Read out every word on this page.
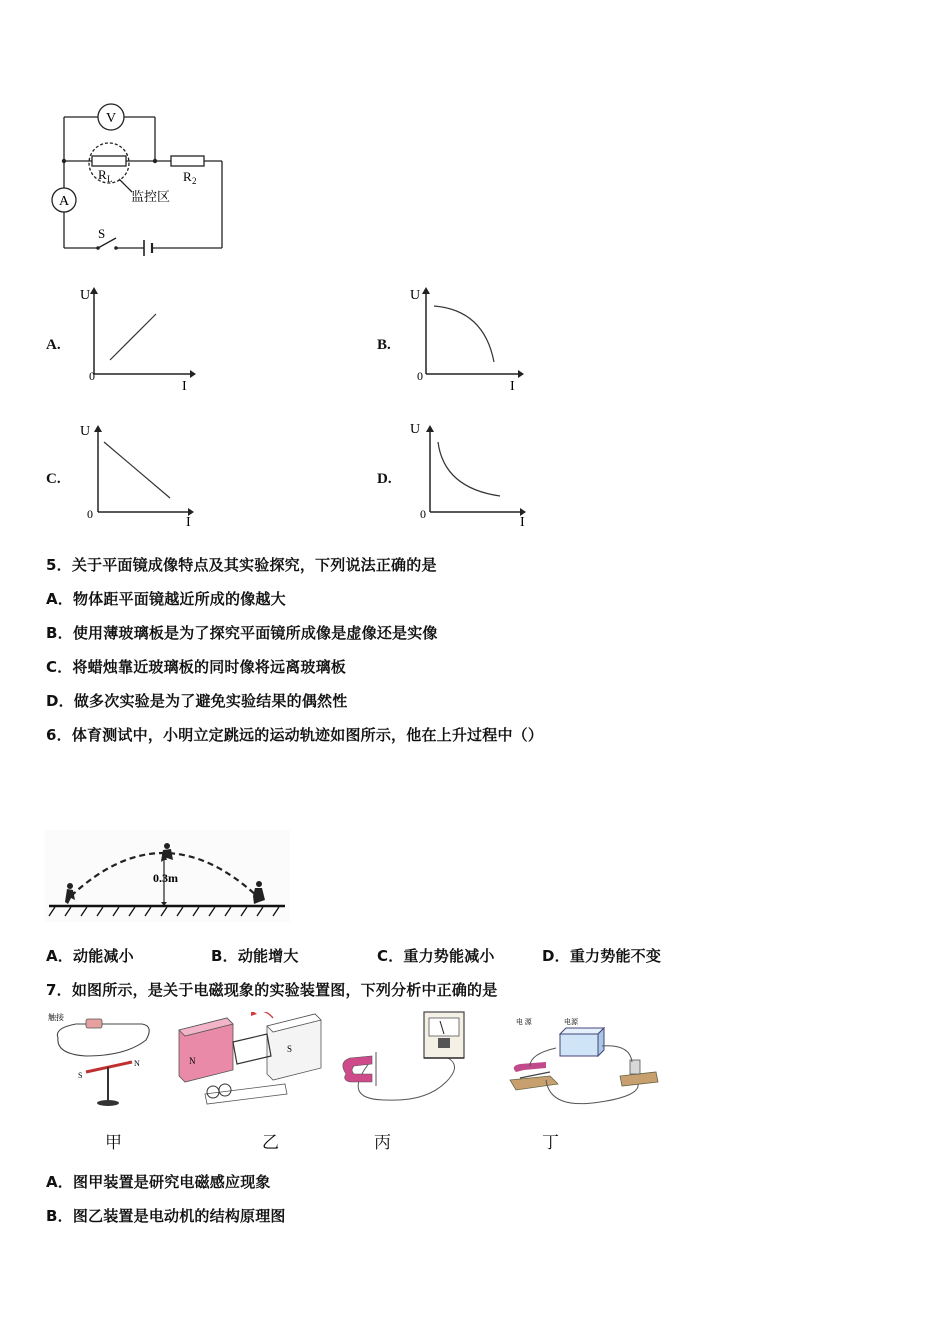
V
A
R L	R 2
S
监控区
A.
U
0
I
B.
U
0
I
C.
U
0
I
D.
U
0
I
5．关于平面镜成像特点及其实验探究，下列说法正确的是
A．物体距平面镜越近所成的像越大
B．使用薄玻璃板是为了探究平面镜所成像是虚像还是实像
C．将蜡烛靠近玻璃板的同时像将远离玻璃板
D．做多次实验是为了避免实验结果的偶然性
6．体育测试中，小明立定跳远的运动轨迹如图所示，他在上升过程中（）
0.3m
A．动能减小	B．动能增大	C．重力势能减小	D．重力势能不变
7．如图所示，是关于电磁现象的实验装置图，下列分析中正确的是
触接
S
N	N
S
电源
电 源
甲	乙	丙	丁
A．图甲装置是研究电磁感应现象
B．图乙装置是电动机的结构原理图
